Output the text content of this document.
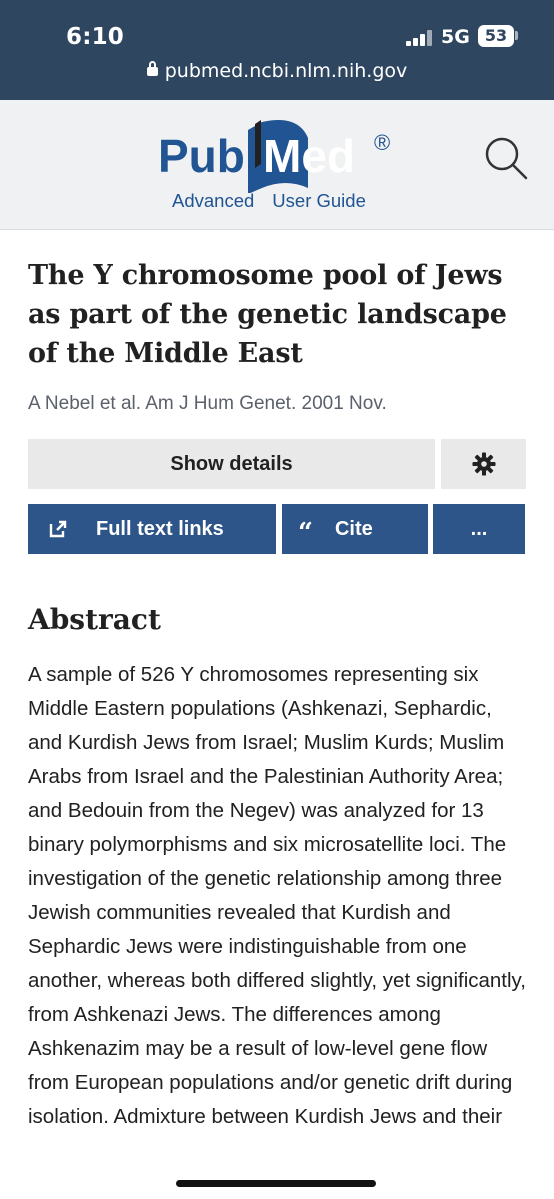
6:10	5G 53
pubmed.ncbi.nlm.nih.gov
Pub Med ®
Advanced User Guide
The Y chromosome pool of Jews as part of the genetic landscape of the Middle East
A Nebel et al. Am J Hum Genet. 2001 Nov.
Show details
Full text links	“ Cite	...
Abstract

A sample of 526 Y chromosomes representing six Middle Eastern populations (Ashkenazi, Sephardic, and Kurdish Jews from Israel; Muslim Kurds; Muslim Arabs from Israel and the Palestinian Authority Area; and Bedouin from the Negev) was analyzed for 13 binary polymorphisms and six microsatellite loci. The investigation of the genetic relationship among three Jewish communities revealed that Kurdish and Sephardic Jews were indistinguishable from one another, whereas both differed slightly, yet significantly, from Ashkenazi Jews. The differences among Ashkenazim may be a result of low-level gene flow from European populations and/or genetic drift during isolation. Admixture between Kurdish Jews and their
